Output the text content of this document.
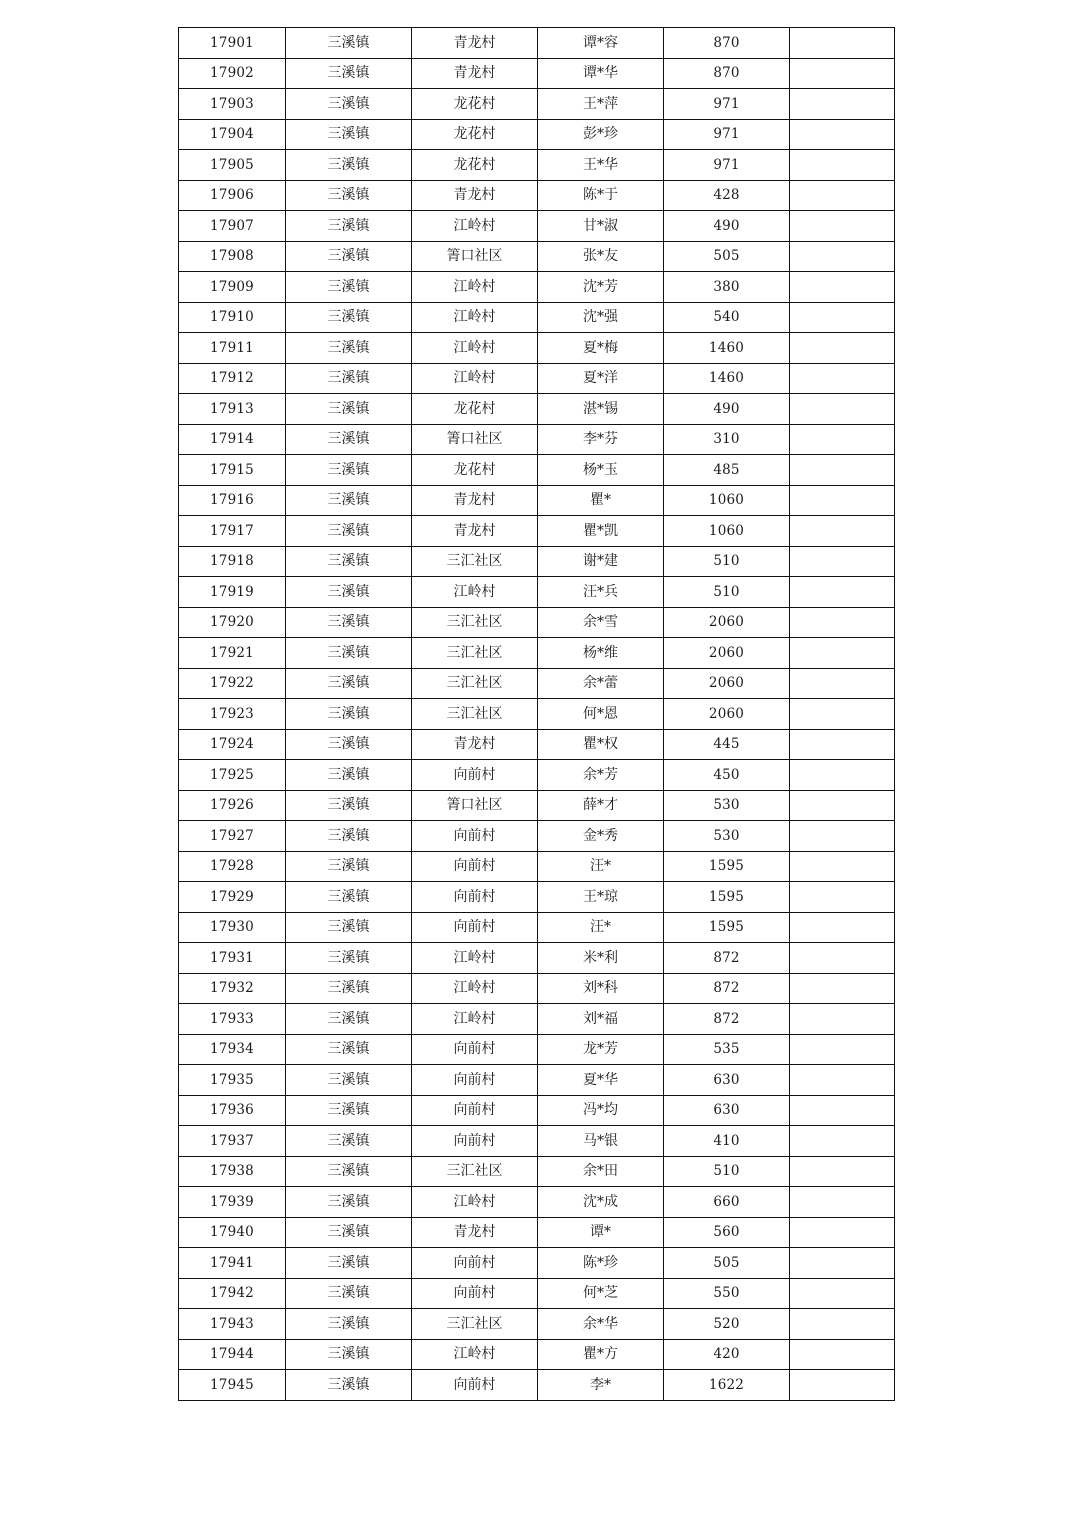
17901	三溪镇	青龙村	谭*容	870	
17902	三溪镇	青龙村	谭*华	870	
17903	三溪镇	龙花村	王*萍	971	
17904	三溪镇	龙花村	彭*珍	971	
17905	三溪镇	龙花村	王*华	971	
17906	三溪镇	青龙村	陈*于	428	
17907	三溪镇	江岭村	甘*淑	490	
17908	三溪镇	箐口社区	张*友	505	
17909	三溪镇	江岭村	沈*芳	380	
17910	三溪镇	江岭村	沈*强	540	
17911	三溪镇	江岭村	夏*梅	1460	
17912	三溪镇	江岭村	夏*洋	1460	
17913	三溪镇	龙花村	湛*锡	490	
17914	三溪镇	箐口社区	李*芬	310	
17915	三溪镇	龙花村	杨*玉	485	
17916	三溪镇	青龙村	瞿*	1060	
17917	三溪镇	青龙村	瞿*凯	1060	
17918	三溪镇	三汇社区	谢*建	510	
17919	三溪镇	江岭村	汪*兵	510	
17920	三溪镇	三汇社区	余*雪	2060	
17921	三溪镇	三汇社区	杨*维	2060	
17922	三溪镇	三汇社区	余*蕾	2060	
17923	三溪镇	三汇社区	何*恩	2060	
17924	三溪镇	青龙村	瞿*权	445	
17925	三溪镇	向前村	余*芳	450	
17926	三溪镇	箐口社区	薛*才	530	
17927	三溪镇	向前村	金*秀	530	
17928	三溪镇	向前村	汪*	1595	
17929	三溪镇	向前村	王*琼	1595	
17930	三溪镇	向前村	汪*	1595	
17931	三溪镇	江岭村	米*利	872	
17932	三溪镇	江岭村	刘*科	872	
17933	三溪镇	江岭村	刘*福	872	
17934	三溪镇	向前村	龙*芳	535	
17935	三溪镇	向前村	夏*华	630	
17936	三溪镇	向前村	冯*均	630	
17937	三溪镇	向前村	马*银	410	
17938	三溪镇	三汇社区	余*田	510	
17939	三溪镇	江岭村	沈*成	660	
17940	三溪镇	青龙村	谭*	560	
17941	三溪镇	向前村	陈*珍	505	
17942	三溪镇	向前村	何*芝	550	
17943	三溪镇	三汇社区	余*华	520	
17944	三溪镇	江岭村	瞿*方	420	
17945	三溪镇	向前村	李*	1622	
